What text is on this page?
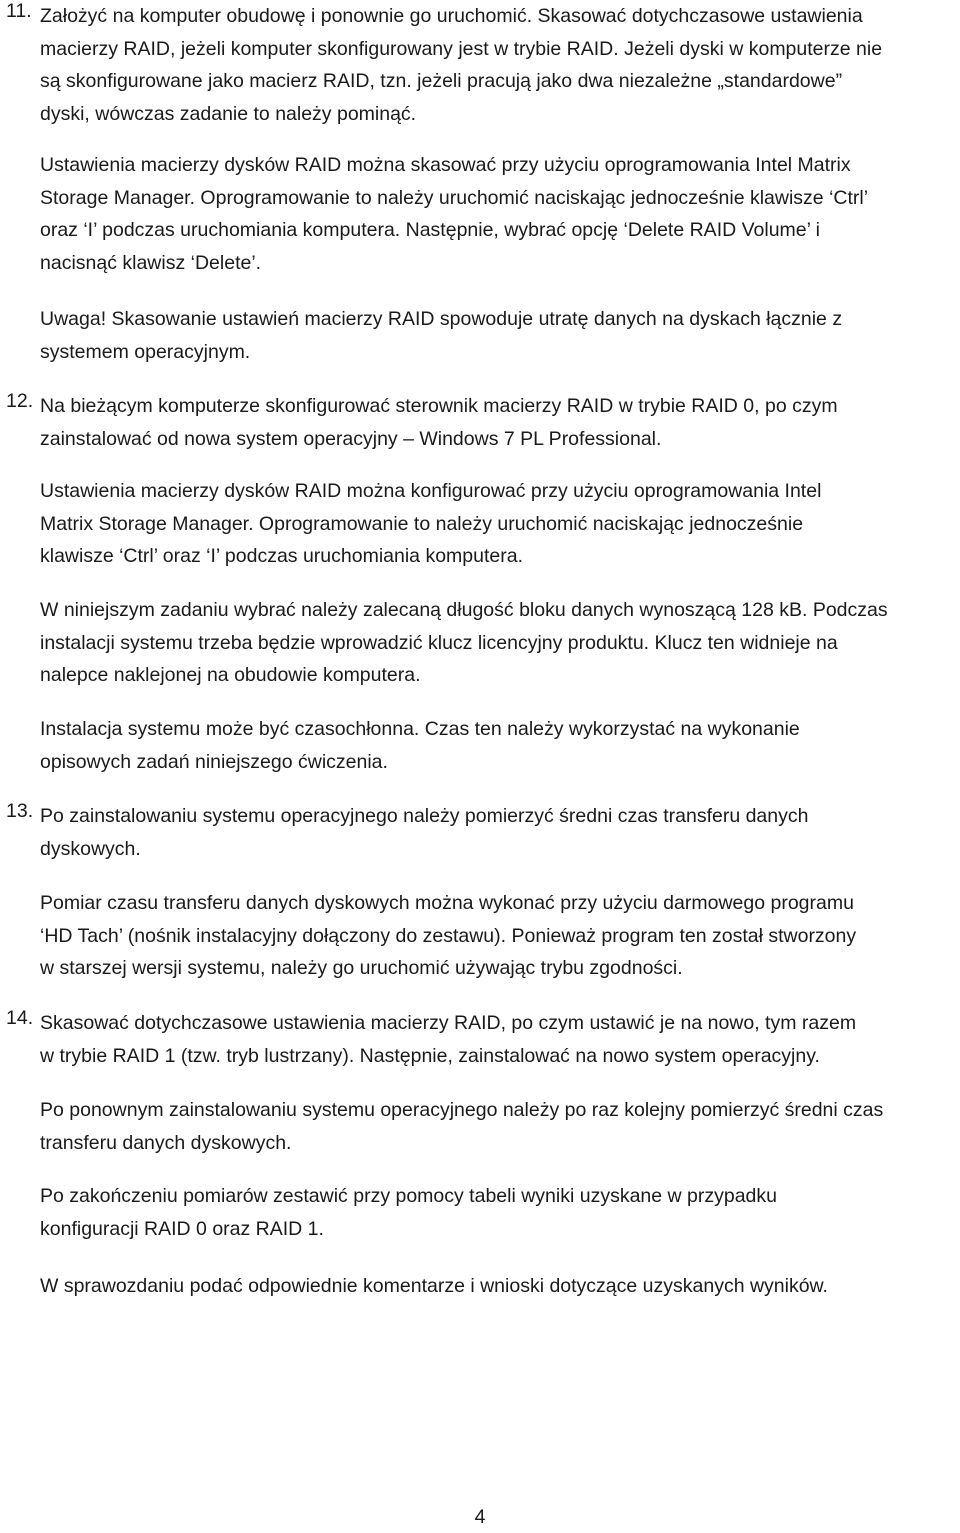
11. Założyć na komputer obudowę i ponownie go uruchomić. Skasować dotychczasowe ustawienia
macierzy RAID, jeżeli komputer skonfigurowany jest w trybie RAID. Jeżeli dyski w komputerze nie
są skonfigurowane jako macierz RAID, tzn. jeżeli pracują jako dwa niezależne „standardowe”
dyski, wówczas zadanie to należy pominąć.
Ustawienia macierzy dysków RAID można skasować przy użyciu oprogramowania Intel Matrix
Storage Manager. Oprogramowanie to należy uruchomić naciskając jednocześnie klawisze ‘Ctrl’
oraz ‘I’ podczas uruchomiania komputera. Następnie, wybrać opcję ‘Delete RAID Volume’ i
nacisnąć klawisz ‘Delete’.
Uwaga! Skasowanie ustawień macierzy RAID spowoduje utratę danych na dyskach łącznie z
systemem operacyjnym.
12. Na bieżącym komputerze skonfigurować sterownik macierzy RAID w trybie RAID 0, po czym
zainstalować od nowa system operacyjny – Windows 7 PL Professional.
Ustawienia macierzy dysków RAID można konfigurować przy użyciu oprogramowania Intel
Matrix Storage Manager. Oprogramowanie to należy uruchomić naciskając jednocześnie
klawisze ‘Ctrl’ oraz ‘I’ podczas uruchomiania komputera.
W niniejszym zadaniu wybrać należy zalecaną długość bloku danych wynoszącą 128 kB. Podczas
instalacji systemu trzeba będzie wprowadzić klucz licencyjny produktu. Klucz ten widnieje na
nalepce naklejonej na obudowie komputera.
Instalacja systemu może być czasochłonna. Czas ten należy wykorzystać na wykonanie
opisowych zadań niniejszego ćwiczenia.
13. Po zainstalowaniu systemu operacyjnego należy pomierzyć średni czas transferu danych
dyskowych.
Pomiar czasu transferu danych dyskowych można wykonać przy użyciu darmowego programu
‘HD Tach’ (nośnik instalacyjny dołączony do zestawu). Ponieważ program ten został stworzony
w starszej wersji systemu, należy go uruchomić używając trybu zgodności.
14. Skasować dotychczasowe ustawienia macierzy RAID, po czym ustawić je na nowo, tym razem
w trybie RAID 1 (tzw. tryb lustrzany). Następnie, zainstalować na nowo system operacyjny.
Po ponownym zainstalowaniu systemu operacyjnego należy po raz kolejny pomierzyć średni czas
transferu danych dyskowych.
Po zakończeniu pomiarów zestawić przy pomocy tabeli wyniki uzyskane w przypadku
konfiguracji RAID 0 oraz RAID 1.
W sprawozdaniu podać odpowiednie komentarze i wnioski dotyczące uzyskanych wyników.
4
